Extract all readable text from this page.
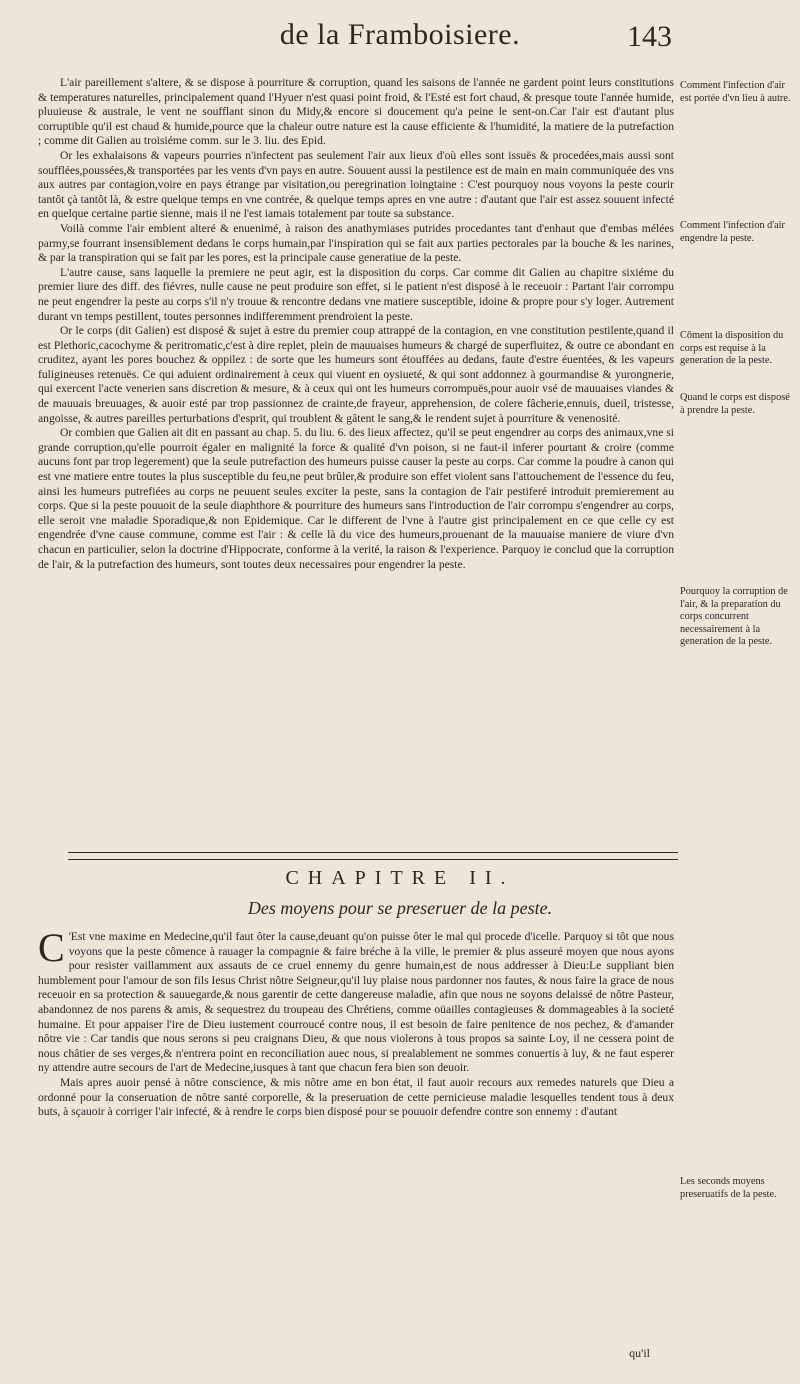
de la Framboisiere.	143

L'air pareillement s'altere, & se dispose à pourriture & corruption, quand les saisons de l'année ne gardent point leurs constitutions & temperatures naturelles, principalement quand l'Hyuer n'est quasi point froid, & l'Esté est fort chaud, & presque toute l'année humide, pluuieuse & australe, le vent ne soufflant sinon du Midy,& encore si doucement qu'a peine le sent-on.Car l'air est d'autant plus corruptible qu'il est chaud & humide,pource que la chaleur outre nature est la cause efficiente & l'humidité, la matiere de la putrefaction ; comme dit Galien au troisiéme comm. sur le 3. liu. des Epid.

Or les exhalaisons & vapeurs pourries n'infectent pas seulement l'air aux lieux d'où elles sont issuës & procedées,mais aussi sont soufflées,poussées,& transportées par les vents d'vn pays en autre. Souuent aussi la pestilence est de main en main communiquée des vns aux autres par contagion,voire en pays étrange par visitation,ou peregrination loingtaine : C'est pourquoy nous voyons la peste courir tantôt çà tantôt là, & estre quelque temps en vne contrée, & quelque temps apres en vne autre : d'autant que l'air est assez souuent infecté en quelque certaine partie sienne, mais il ne l'est iamais totalement par toute sa substance.

Voilà comme l'air embient alteré & enuenimé, à raison des anathymiases putrides procedantes tant d'enhaut que d'embas mélées parmy,se fourrant insensiblement dedans le corps humain,par l'inspiration qui se fait aux parties pectorales par la bouche & les narines, & par la transpiration qui se fait par les pores, est la principale cause generatiue de la peste.

L'autre cause, sans laquelle la premiere ne peut agir, est la disposition du corps. Car comme dit Galien au chapitre sixiéme du premier liure des diff. des fiévres, nulle cause ne peut produire son effet, si le patient n'est disposé à le receuoir : Partant l'air corrompu ne peut engendrer la peste au corps s'il n'y trouue & rencontre dedans vne matiere susceptible, idoine & propre pour s'y loger. Autrement durant vn temps pestillent, toutes personnes indifferemment prendroient la peste.

Or le corps (dit Galien) est disposé & sujet à estre du premier coup attrappé de la contagion, en vne constitution pestilente,quand il est Plethoric,cacochyme & peritromatic,c'est à dire replet, plein de mauuaises humeurs & chargé de superfluitez, & outre ce abondant en cruditez, ayant les pores bouchez & oppilez : de sorte que les humeurs sont étouffées au dedans, faute d'estre éuentées, & les vapeurs fuligineuses retenuës. Ce qui aduient ordinairement à ceux qui viuent en oysiueté, & qui sont addonnez à gourmandise & yurongnerie, qui exercent l'acte venerien sans discretion & mesure, & à ceux qui ont les humeurs corrompuës,pour auoir vsé de mauuaises viandes & de mauuais breuuages, & auoir esté par trop passionnez de crainte,de frayeur, apprehension, de colere fâcherie,ennuis, dueil, tristesse, angoisse, & autres pareilles perturbations d'esprit, qui troublent & gâtent le sang,& le rendent sujet à pourriture & venenosité.

Or combien que Galien ait dit en passant au chap. 5. du liu. 6. des lieux affectez, qu'il se peut engendrer au corps des animaux,vne si grande corruption,qu'elle pourroit égaler en malignité la force & qualité d'vn poison, si ne faut-il inferer pourtant & croire (comme aucuns font par trop legerement) que la seule putrefaction des humeurs puisse causer la peste au corps. Car comme la poudre à canon qui est vne matiere entre toutes la plus susceptible du feu,ne peut brûler,& produire son effet violent sans l'attouchement de l'essence du feu, ainsi les humeurs putrefiées au corps ne peuuent seules exciter la peste, sans la contagion de l'air pestiferé introduit premierement au corps. Que si la peste pouuoit de la seule diaphthore & pourriture des humeurs sans l'introduction de l'air corrompu s'engendrer au corps, elle seroit vne maladie Sporadique,& non Epidemique. Car le different de l'vne à l'autre gist principalement en ce que celle cy est engendrée d'vne cause commune, comme est l'air : & celle là du vice des humeurs,prouenant de la mauuaise maniere de viure d'vn chacun en particulier, selon la doctrine d'Hippocrate, conforme à la verité, la raison & l'experience. Parquoy ie conclud que la corruption de l'air, & la putrefaction des humeurs, sont toutes deux necessaires pour engendrer la peste.

Comment l'infection d'air est portée d'vn lieu à autre.
Comment l'infection d'air engendre la peste.
Cōment la disposition du corps est requise à la generation de la peste.
Quand le corps est disposé à prendre la peste.
Pourquoy la corruption de l'air, & la preparation du corps concurrent necessairement à la generation de la peste.
Les seconds moyens preseruatifs de la peste.
CHAPITRE II.
Des moyens pour se preseruer de la peste.

C 'Est vne maxime en Medecine,qu'il faut ôter la cause,deuant qu'on puisse ôter le mal qui procede d'icelle. Parquoy si tôt que nous voyons que la peste cômence à rauager la compagnie & faire bréche à la ville, le premier & plus asseuré moyen que nous ayons pour resister vaillamment aux assauts de ce cruel ennemy du genre humain,est de nous addresser à Dieu:Le suppliant bien humblement pour l'amour de son fils Iesus Christ nôtre Seigneur,qu'il luy plaise nous pardonner nos fautes, & nous faire la grace de nous receuoir en sa protection & sauuegarde,& nous garentir de cette dangereuse maladie, afin que nous ne soyons delaissé de nôtre Pasteur, abandonnez de nos parens & amis, & sequestrez du troupeau des Chrétiens, comme oüailles contagieuses & dommageables à la societé humaine. Et pour appaiser l'ire de Dieu iustement courroucé contre nous, il est besoin de faire penitence de nos pechez, & d'amander nôtre vie : Car tandis que nous serons si peu craignans Dieu, & que nous violerons à tous propos sa sainte Loy, il ne cessera point de nous châtier de ses verges,& n'entrera point en reconciliation auec nous, si prealablement ne sommes conuertis à luy, & ne faut esperer ny attendre autre secours de l'art de Medecine,iusques à tant que chacun fera bien son deuoir.

Mais apres auoir pensé à nôtre conscience, & mis nôtre ame en bon état, il faut auoir recours aux remedes naturels que Dieu a ordonné pour la conseruation de nôtre santé corporelle, & la preseruation de cette pernicieuse maladie lesquelles tendent tous à deux buts, à sçauoir à corriger l'air infecté, & à rendre le corps bien disposé pour se pouuoir defendre contre son ennemy : d'autant

qu'il
